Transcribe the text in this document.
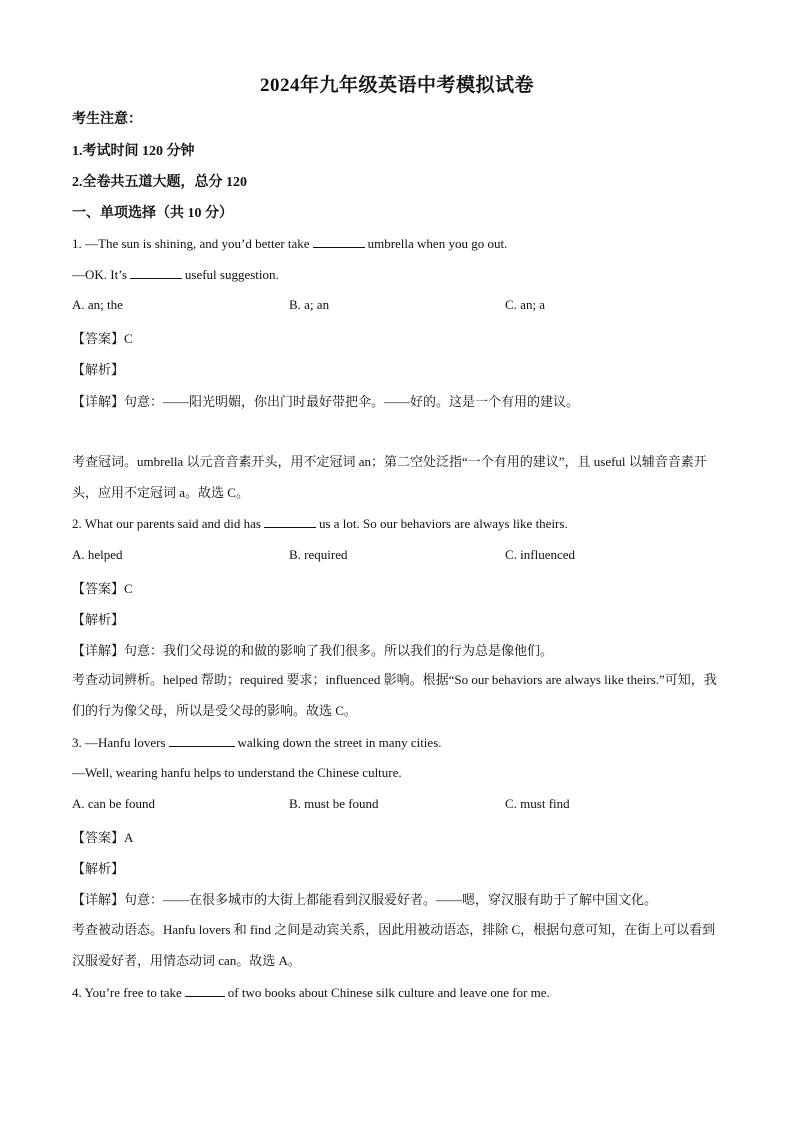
2024年九年级英语中考模拟试卷
考生注意：
1.考试时间 120 分钟
2.全卷共五道大题，总分 120
一、单项选择（共 10 分）
1. —The sun is shining, and you’d better take	umbrella when you go out.
—OK. It’s	useful suggestion.
A. an; the	B. a; an	C. an; a
【答案】C
【解析】
【详解】句意：——阳光明媚，你出门时最好带把伞。——好的。这是一个有用的建议。
考查冠词。umbrella 以元音音素开头，用不定冠词 an；第二空处泛指“一个有用的建议”，且 useful 以辅音音素开头，应用不定冠词 a。故选 C。
2. What our parents said and did has	us a lot. So our behaviors are always like theirs.
A. helped	B. required	C. influenced
【答案】C
【解析】
【详解】句意：我们父母说的和做的影响了我们很多。所以我们的行为总是像他们。
考查动词辨析。helped 帮助；required 要求；influenced 影响。根据“So our behaviors are always like theirs.”可知，我们的行为像父母，所以是受父母的影响。故选 C。
3. —Hanfu lovers	walking down the street in many cities.
—Well, wearing hanfu helps to understand the Chinese culture.
A. can be found	B. must be found	C. must find
【答案】A
【解析】
【详解】句意：——在很多城市的大街上都能看到汉服爱好者。——嗯，穿汉服有助于了解中国文化。
考查被动语态。Hanfu lovers 和 find 之间是动宾关系，因此用被动语态，排除 C，根据句意可知，在街上可以看到汉服爱好者，用情态动词 can。故选 A。
4. You’re free to take	of two books about Chinese silk culture and leave one for me.
